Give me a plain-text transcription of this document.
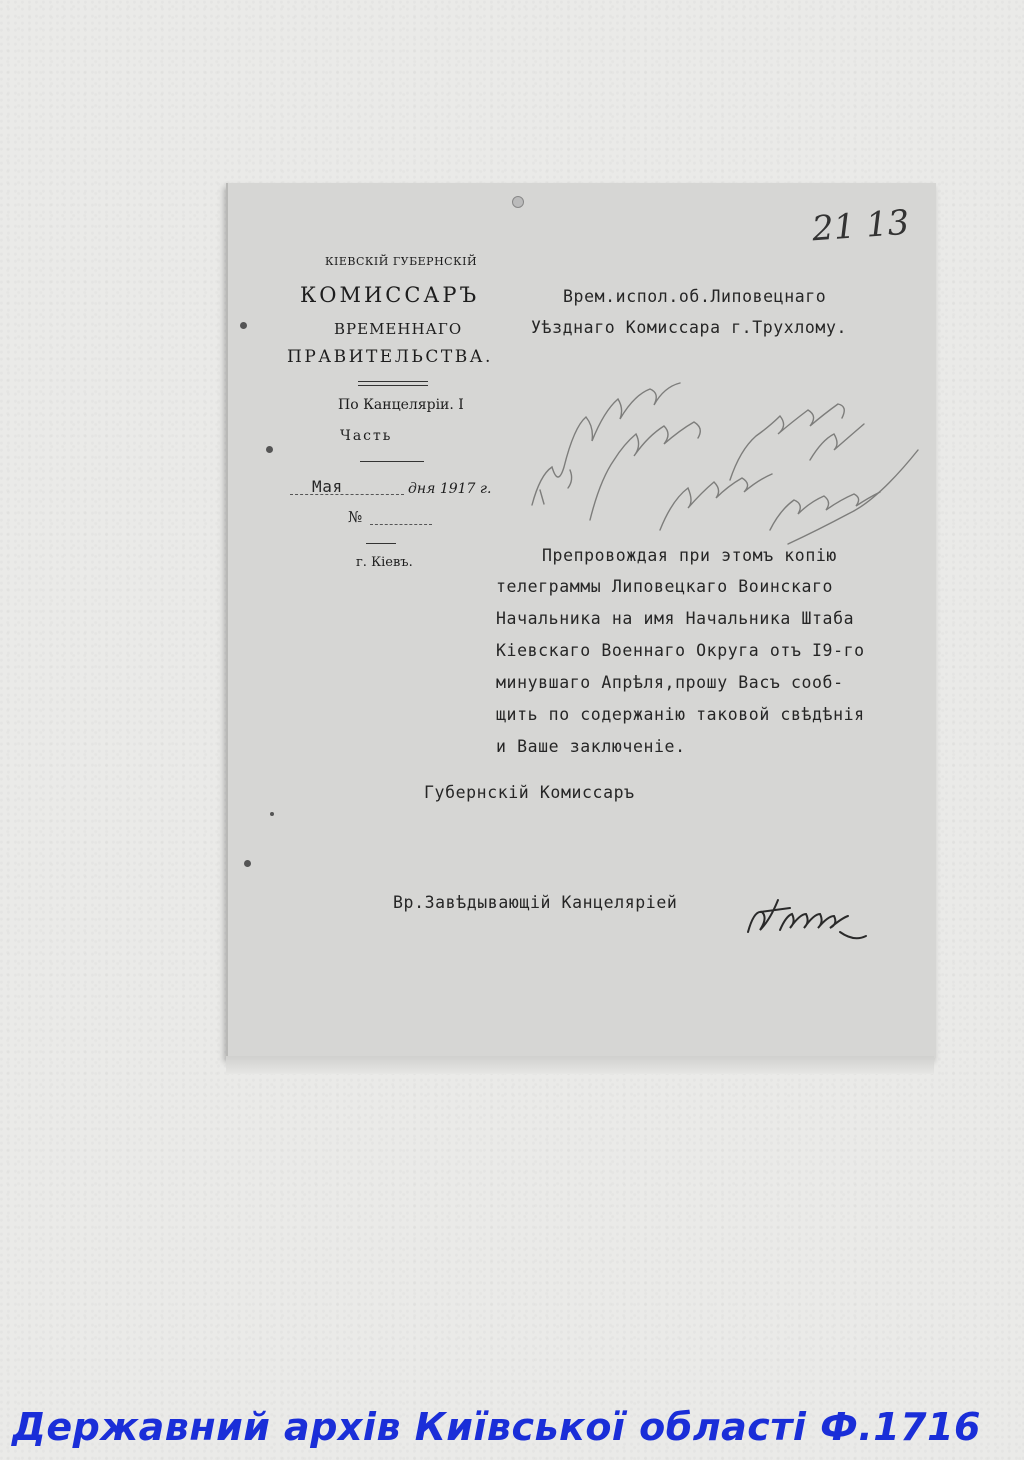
21 13
КІЕВСКІЙ ГУБЕРНСКІЙ
КОМИССАРЪ
ВРЕМЕННАГО
ПРАВИТЕЛЬСТВА.
По Канцеляріи. I
Часть
Мая	дня 1917 г.
№
г. Кіевъ.
Врем.испол.об.Липовецнаго
Уѣзднаго Комиссара г.Трухлому.
Препровождая при этомъ копію
телеграммы Липовецкаго Воинскаго
Начальника на имя Начальника Штаба
Кіевскаго Военнаго Округа отъ I9-го
минувшаго Апрѣля,прошу Васъ сооб-
щить по содержанію таковой свѣдѣнія
и Ваше заключеніе.
Губернскій Комиссаръ
Вр.Завѣдывающій Канцеляріей
Державний архів Київської області Ф.1716
